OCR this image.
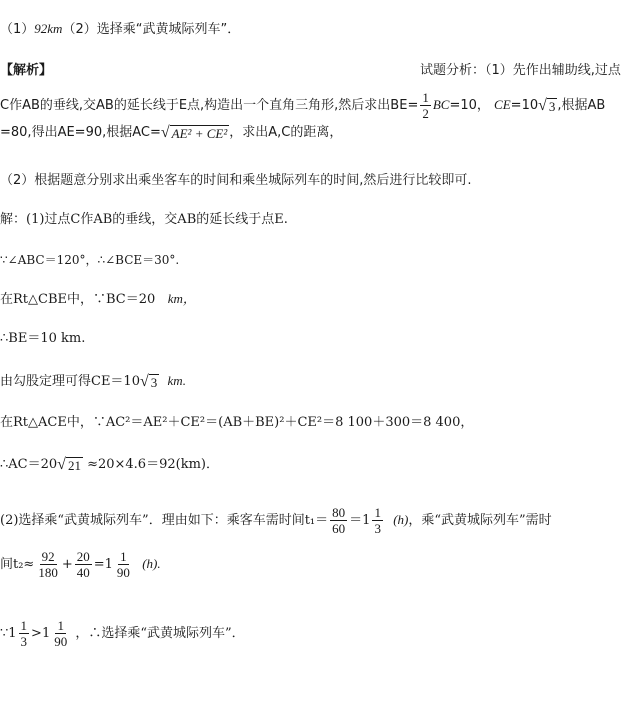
（1）92km（2）选择乘“武黄城际列车”．
【解析】	试题分析：（1）先作出辅助线,过点
C作AB的垂线,交AB的延长线于E点,构造出一个直角三角形,然后求出$BE= \frac{1}{2} BC=10$， CE=10 √ 3 ,根据AB
=80,得出AE=90,根据AC= √ AE² + CE² ，求出A,C的距离，
（2）根据题意分别求出乘坐客车的时间和乘坐城际列车的时间,然后进行比较即可.
解：(1)过点C作AB的垂线，交AB的延长线于点E.
∵∠ABC＝120°，∴∠BCE＝30°.
在Rt△CBE中，∵BC＝20 km，
∴BE＝10 km.
由勾股定理可得CE＝10 √ 3 km.
在Rt△ACE中，∵AC²＝AE²＋CE²＝(AB＋BE)²＋CE²＝8 100＋300＝8 400，
∴AC＝20 √ 21 ≈20×4.6＝92(km)．
(2)选择乘“武黄城际列车”．理由如下：乘客车需时间$t_1= \frac{80}{60} =1 \frac{1}{3} (h)$，乘“武黄城际列车”需时
间$t_2\approx \frac{92}{180} + \frac{20}{40} =1 \frac{1}{90} (h)$.
∵1 $\frac{1}{3} >1 \frac{1}{90}$ ，∴选择乘“武黄城际列车”．
